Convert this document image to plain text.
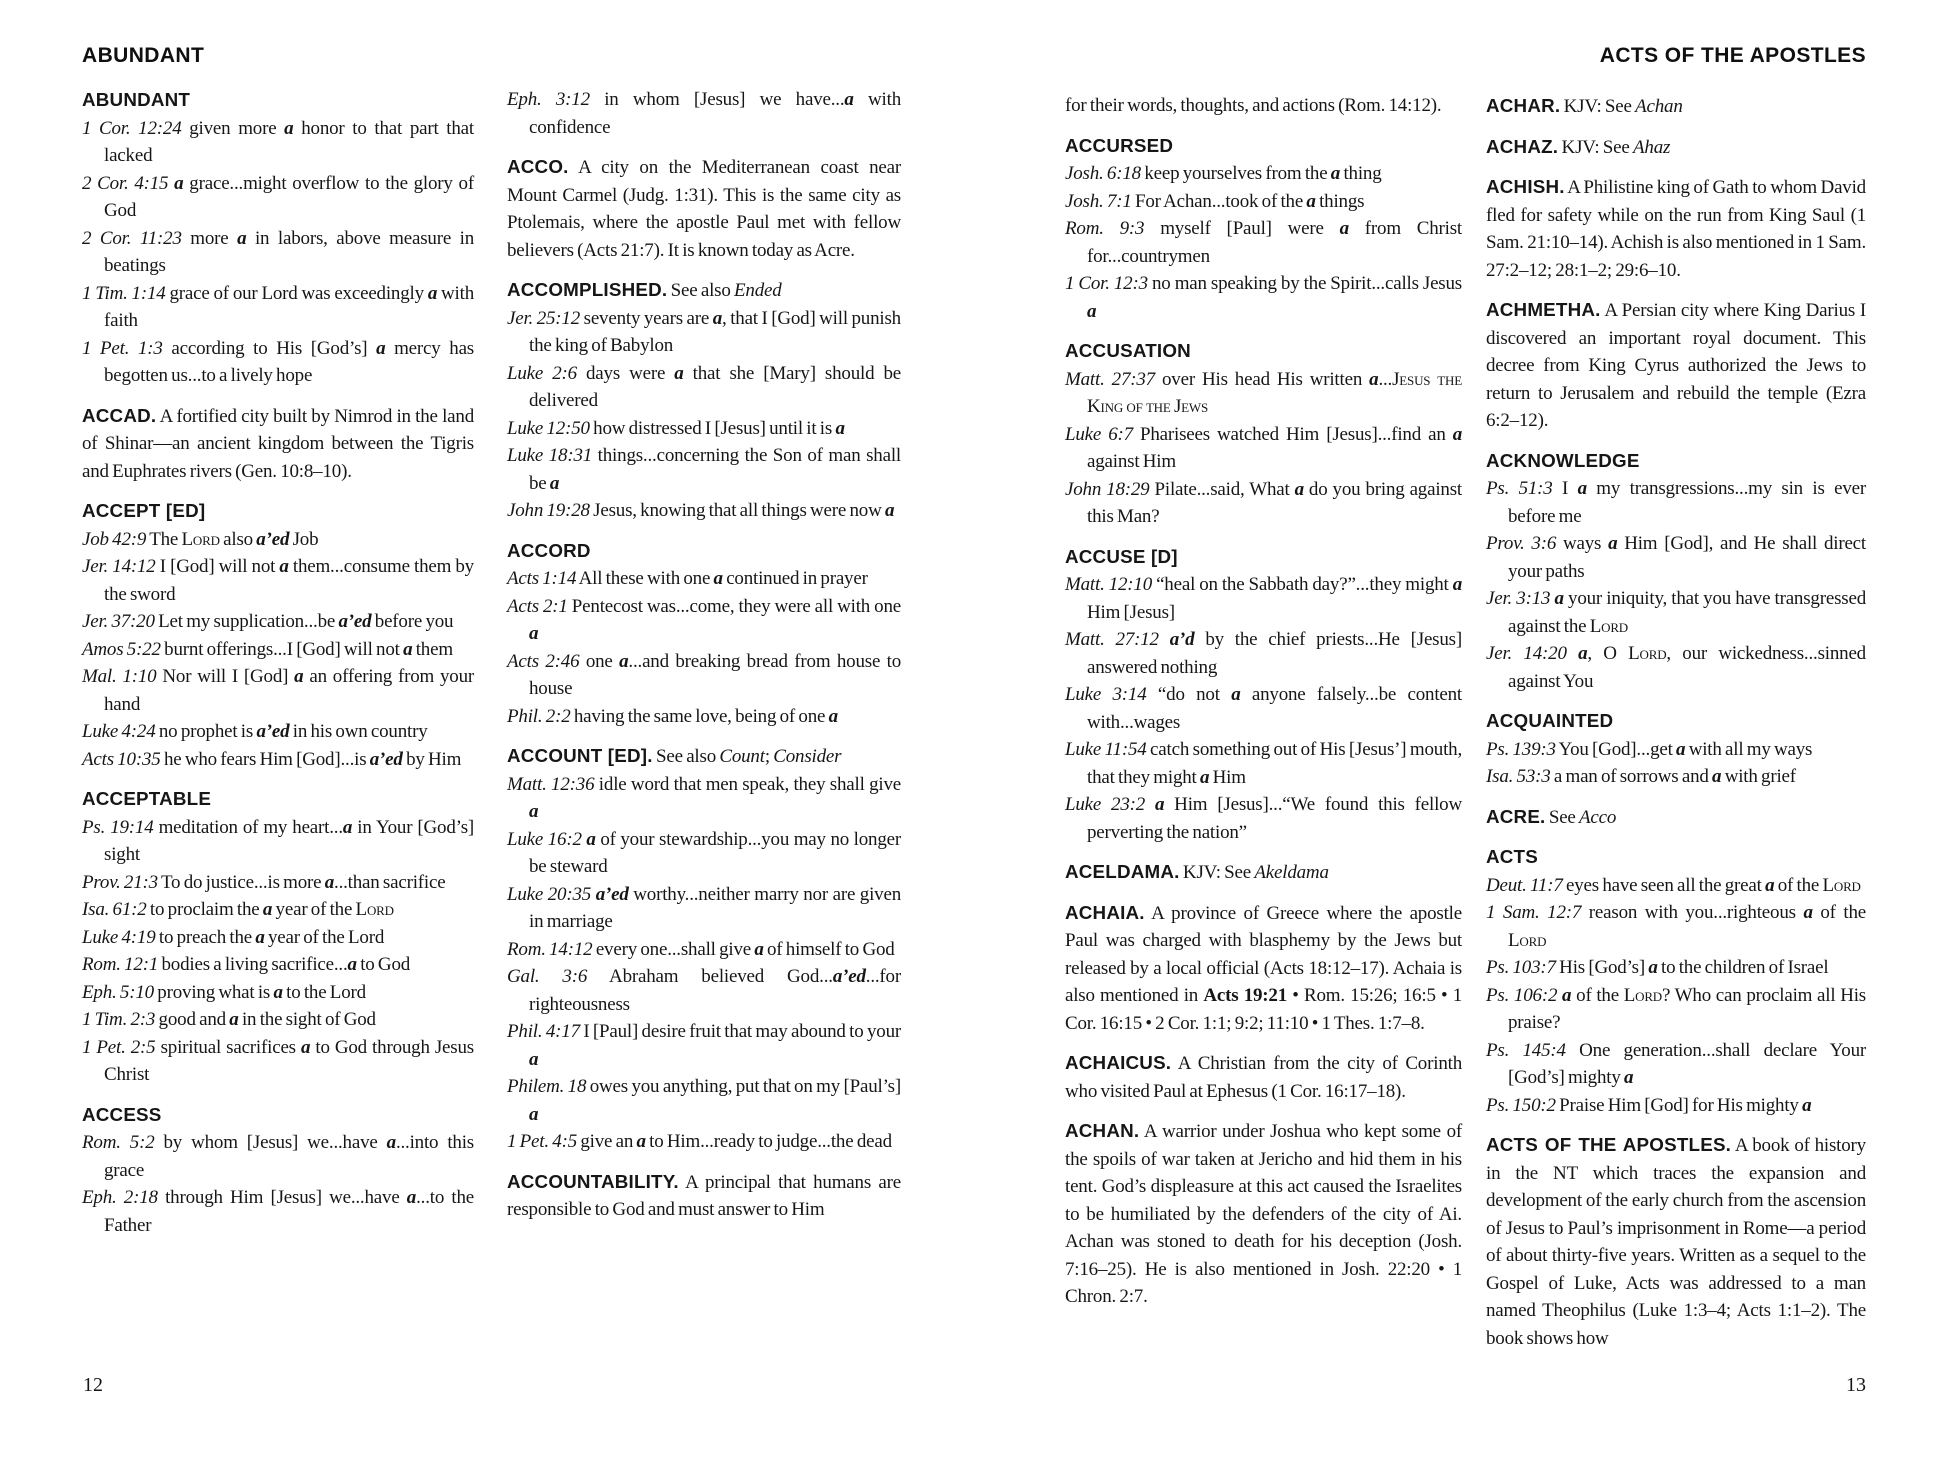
ABUNDANT	ACTS OF THE APOSTLES

ABUNDANT

1 Cor. 12:24 given more a honor to that part that lacked

2 Cor. 4:15 a grace...might overflow to the glory of God

2 Cor. 11:23 more a in labors, above measure in beatings

1 Tim. 1:14 grace of our Lord was exceedingly a with faith

1 Pet. 1:3 according to His [God’s] a mercy has begotten us...to a lively hope

ACCAD. A fortified city built by Nimrod in the land of Shinar—an ancient kingdom between the Tigris and Euphrates rivers (Gen. 10:8–10).

ACCEPT [ED]

Job 42:9 The Lord also a’ed Job

Jer. 14:12 I [God] will not a them...consume them by the sword

Jer. 37:20 Let my supplication...be a’ed before you

Amos 5:22 burnt offerings...I [God] will not a them

Mal. 1:10 Nor will I [God] a an offering from your hand

Luke 4:24 no prophet is a’ed in his own country

Acts 10:35 he who fears Him [God]...is a’ed by Him

ACCEPTABLE

Ps. 19:14 meditation of my heart...a in Your [God’s] sight

Prov. 21:3 To do justice...is more a...than sacrifice

Isa. 61:2 to proclaim the a year of the Lord

Luke 4:19 to preach the a year of the Lord

Rom. 12:1 bodies a living sacrifice...a to God

Eph. 5:10 proving what is a to the Lord

1 Tim. 2:3 good and a in the sight of God

1 Pet. 2:5 spiritual sacrifices a to God through Jesus Christ

ACCESS

Rom. 5:2 by whom [Jesus] we...have a...into this grace

Eph. 2:18 through Him [Jesus] we...have a...to the Father

Eph. 3:12 in whom [Jesus] we have...a with confidence

ACCO. A city on the Mediterranean coast near Mount Carmel (Judg. 1:31). This is the same city as Ptolemais, where the apostle Paul met with fellow believers (Acts 21:7). It is known today as Acre.

ACCOMPLISHED. See also Ended

Jer. 25:12 seventy years are a, that I [God] will punish the king of Babylon

Luke 2:6 days were a that she [Mary] should be delivered

Luke 12:50 how distressed I [Jesus] until it is a

Luke 18:31 things...concerning the Son of man shall be a

John 19:28 Jesus, knowing that all things were now a

ACCORD

Acts 1:14 All these with one a continued in prayer

Acts 2:1 Pentecost was...come, they were all with one a

Acts 2:46 one a...and breaking bread from house to house

Phil. 2:2 having the same love, being of one a

ACCOUNT [ED]. See also Count; Consider

Matt. 12:36 idle word that men speak, they shall give a

Luke 16:2 a of your stewardship...you may no longer be steward

Luke 20:35 a’ed worthy...neither marry nor are given in marriage

Rom. 14:12 every one...shall give a of himself to God

Gal. 3:6 Abraham believed God...a’ed...for righteousness

Phil. 4:17 I [Paul] desire fruit that may abound to your a

Philem. 18 owes you anything, put that on my [Paul’s] a

1 Pet. 4:5 give an a to Him...ready to judge...the dead

ACCOUNTABILITY. A principal that humans are responsible to God and must answer to Him

for their words, thoughts, and actions (Rom. 14:12).

ACCURSED

Josh. 6:18 keep yourselves from the a thing

Josh. 7:1 For Achan...took of the a things

Rom. 9:3 myself [Paul] were a from Christ for...countrymen

1 Cor. 12:3 no man speaking by the Spirit...calls Jesus a

ACCUSATION

Matt. 27:37 over His head His written a...Jesus the King of the Jews

Luke 6:7 Pharisees watched Him [Jesus]...find an a against Him

John 18:29 Pilate...said, What a do you bring against this Man?

ACCUSE [D]

Matt. 12:10 “heal on the Sabbath day?”...they might a Him [Jesus]

Matt. 27:12 a’d by the chief priests...He [Jesus] answered nothing

Luke 3:14 “do not a anyone falsely...be content with...wages

Luke 11:54 catch something out of His [Jesus’] mouth, that they might a Him

Luke 23:2 a Him [Jesus]...“We found this fellow perverting the nation”

ACELDAMA. KJV: See Akeldama

ACHAIA. A province of Greece where the apostle Paul was charged with blasphemy by the Jews but released by a local official (Acts 18:12–17). Achaia is also mentioned in Acts 19:21 • Rom. 15:26; 16:5 • 1 Cor. 16:15 • 2 Cor. 1:1; 9:2; 11:10 • 1 Thes. 1:7–8.

ACHAICUS. A Christian from the city of Corinth who visited Paul at Ephesus (1 Cor. 16:17–18).

ACHAN. A warrior under Joshua who kept some of the spoils of war taken at Jericho and hid them in his tent. God’s displeasure at this act caused the Israelites to be humiliated by the defenders of the city of Ai. Achan was stoned to death for his deception (Josh. 7:16–25). He is also mentioned in Josh. 22:20 • 1 Chron. 2:7.

ACHAR. KJV: See Achan

ACHAZ. KJV: See Ahaz

ACHISH. A Philistine king of Gath to whom David fled for safety while on the run from King Saul (1 Sam. 21:10–14). Achish is also mentioned in 1 Sam. 27:2–12; 28:1–2; 29:6–10.

ACHMETHA. A Persian city where King Darius I discovered an important royal document. This decree from King Cyrus authorized the Jews to return to Jerusalem and rebuild the temple (Ezra 6:2–12).

ACKNOWLEDGE

Ps. 51:3 I a my transgressions...my sin is ever before me

Prov. 3:6 ways a Him [God], and He shall direct your paths

Jer. 3:13 a your iniquity, that you have transgressed against the Lord

Jer. 14:20 a, O Lord, our wickedness...sinned against You

ACQUAINTED

Ps. 139:3 You [God]...get a with all my ways

Isa. 53:3 a man of sorrows and a with grief

ACRE. See Acco

ACTS

Deut. 11:7 eyes have seen all the great a of the Lord

1 Sam. 12:7 reason with you...righteous a of the Lord

Ps. 103:7 His [God’s] a to the children of Israel

Ps. 106:2 a of the Lord? Who can proclaim all His praise?

Ps. 145:4 One generation...shall declare Your [God’s] mighty a

Ps. 150:2 Praise Him [God] for His mighty a

ACTS OF THE APOSTLES. A book of history in the NT which traces the expansion and development of the early church from the ascension of Jesus to Paul’s imprisonment in Rome—a period of about thirty-five years. Written as a sequel to the Gospel of Luke, Acts was addressed to a man named Theophilus (Luke 1:3–4; Acts 1:1–2). The book shows how

12	13
